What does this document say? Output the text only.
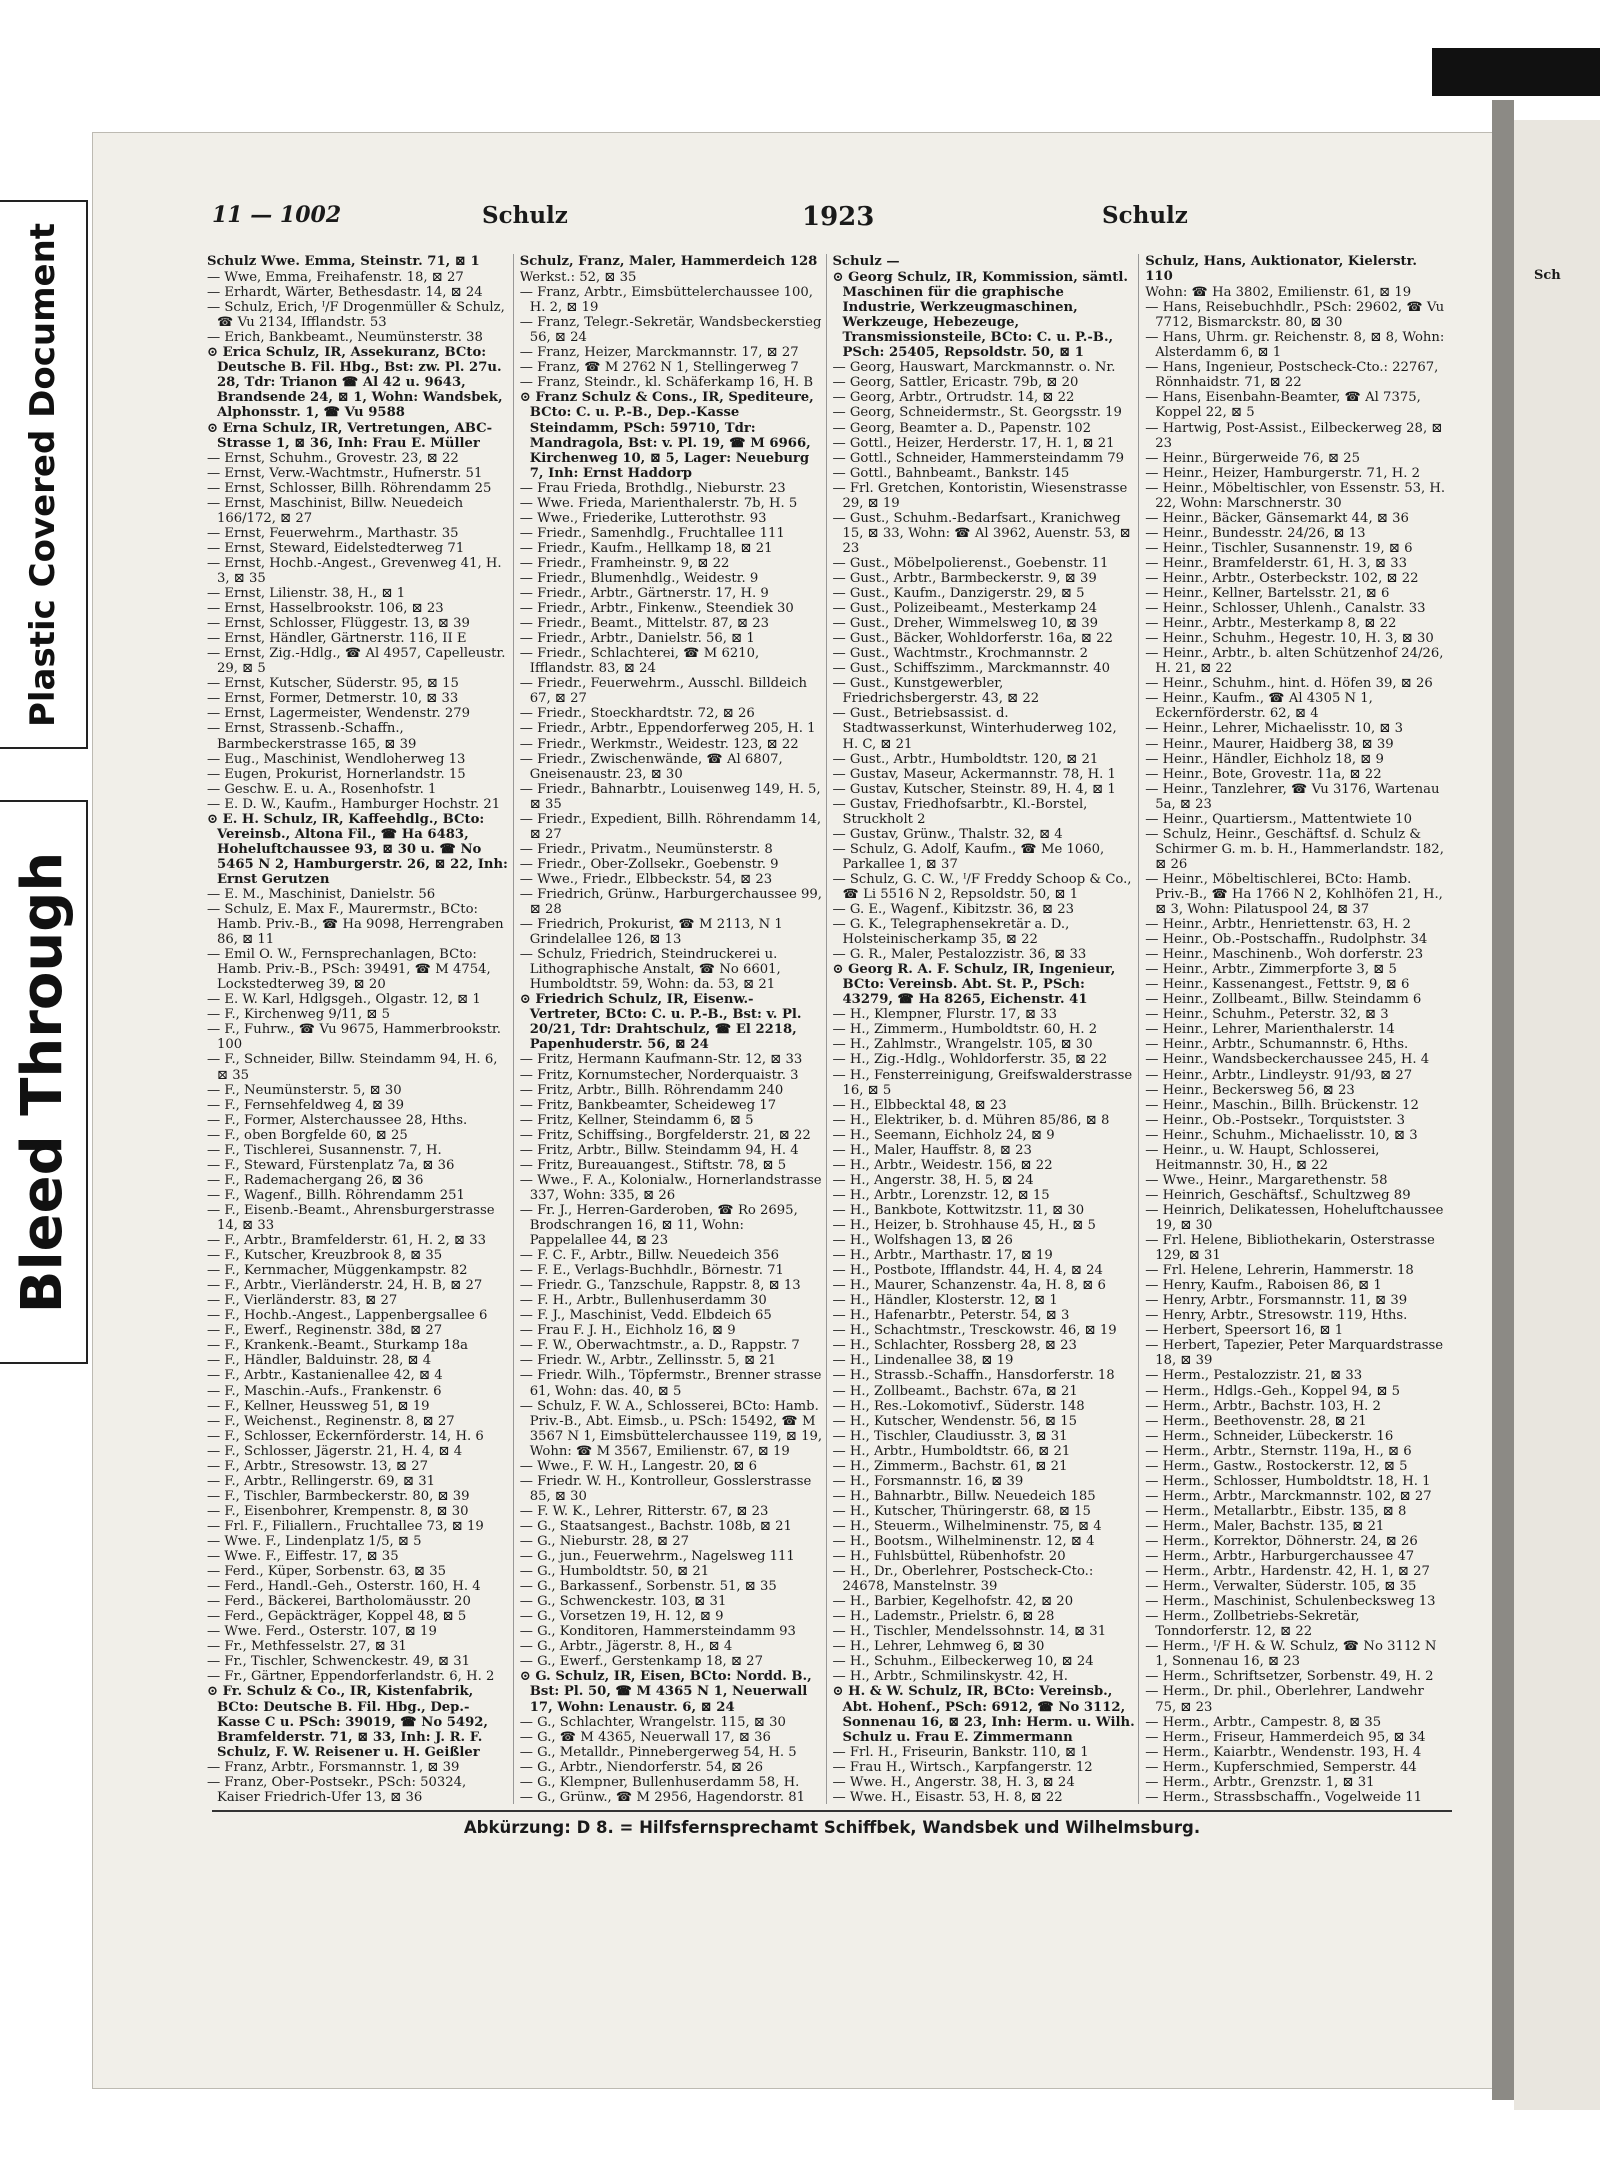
Plastic Covered Document
Bleed Through
Sch
11 — 1002	Schulz	1923	Schulz
Schulz Wwe. Emma, Steinstr. 71, ⊠ 1
— Wwe, Emma, Freihafenstr. 18, ⊠ 27
— Erhardt, Wärter, Bethesdastr. 14, ⊠ 24
— Schulz, Erich, ᴵ/F Drogenmüller & Schulz, ☎ Vu 2134, Ifflandstr. 53
— Erich, Bankbeamt., Neumünsterstr. 38
⊙ Erica Schulz, IR, Assekuranz, BCto: Deutsche B. Fil. Hbg., Bst: zw. Pl. 27u. 28, Tdr: Trianon ☎ Al 42 u. 9643, Brandsende 24, ⊠ 1, Wohn: Wandsbek, Alphonsstr. 1, ☎ Vu 9588
⊙ Erna Schulz, IR, Vertretungen, ABC-Strasse 1, ⊠ 36, Inh: Frau E. Müller
— Ernst, Schuhm., Grovestr. 23, ⊠ 22
— Ernst, Verw.-Wachtmstr., Hufnerstr. 51
— Ernst, Schlosser, Billh. Röhrendamm 25
— Ernst, Maschinist, Billw. Neuedeich 166/172, ⊠ 27
— Ernst, Feuerwehrm., Marthastr. 35
— Ernst, Steward, Eidelstedterweg 71
— Ernst, Hochb.-Angest., Grevenweg 41, H. 3, ⊠ 35
— Ernst, Lilienstr. 38, H., ⊠ 1
— Ernst, Hasselbrookstr. 106, ⊠ 23
— Ernst, Schlosser, Flüggestr. 13, ⊠ 39
— Ernst, Händler, Gärtnerstr. 116, II E
— Ernst, Zig.-Hdlg., ☎ Al 4957, Capelleustr. 29, ⊠ 5
— Ernst, Kutscher, Süderstr. 95, ⊠ 15
— Ernst, Former, Detmerstr. 10, ⊠ 33
— Ernst, Lagermeister, Wendenstr. 279
— Ernst, Strassenb.-Schaffn., Barmbeckerstrasse 165, ⊠ 39
— Eug., Maschinist, Wendloherweg 13
— Eugen, Prokurist, Hornerlandstr. 15
— Geschw. E. u. A., Rosenhofstr. 1
— E. D. W., Kaufm., Hamburger Hochstr. 21
⊙ E. H. Schulz, IR, Kaffeehdlg., BCto: Vereinsb., Altona Fil., ☎ Ha 6483, Hoheluftchaussee 93, ⊠ 30 u. ☎ No 5465 N 2, Hamburgerstr. 26, ⊠ 22, Inh: Ernst Gerutzen
— E. M., Maschinist, Danielstr. 56
— Schulz, E. Max F., Maurermstr., BCto: Hamb. Priv.-B., ☎ Ha 9098, Herrengraben 86, ⊠ 11
— Emil O. W., Fernsprechanlagen, BCto: Hamb. Priv.-B., PSch: 39491, ☎ M 4754, Lockstedterweg 39, ⊠ 20
— E. W. Karl, Hdlgsgeh., Olgastr. 12, ⊠ 1
— F., Kirchenweg 9/11, ⊠ 5
— F., Fuhrw., ☎ Vu 9675, Hammerbrookstr. 100
— F., Schneider, Billw. Steindamm 94, H. 6, ⊠ 35
— F., Neumünsterstr. 5, ⊠ 30
— F., Fernsehfeldweg 4, ⊠ 39
— F., Former, Alsterchaussee 28, Hths.
— F., oben Borgfelde 60, ⊠ 25
— F., Tischlerei, Susannenstr. 7, H.
— F., Steward, Fürstenplatz 7a, ⊠ 36
— F., Rademachergang 26, ⊠ 36
— F., Wagenf., Billh. Röhrendamm 251
— F., Eisenb.-Beamt., Ahrensburgerstrasse 14, ⊠ 33
— F., Arbtr., Bramfelderstr. 61, H. 2, ⊠ 33
— F., Kutscher, Kreuzbrook 8, ⊠ 35
— F., Kernmacher, Müggenkampstr. 82
— F., Arbtr., Vierländerstr. 24, H. B, ⊠ 27
— F., Vierländerstr. 83, ⊠ 27
— F., Hochb.-Angest., Lappenbergsallee 6
— F., Ewerf., Reginenstr. 38d, ⊠ 27
— F., Krankenk.-Beamt., Sturkamp 18a
— F., Händler, Balduinstr. 28, ⊠ 4
— F., Arbtr., Kastanienallee 42, ⊠ 4
— F., Maschin.-Aufs., Frankenstr. 6
— F., Kellner, Heussweg 51, ⊠ 19
— F., Weichenst., Reginenstr. 8, ⊠ 27
— F., Schlosser, Eckernförderstr. 14, H. 6
— F., Schlosser, Jägerstr. 21, H. 4, ⊠ 4
— F., Arbtr., Stresowstr. 13, ⊠ 27
— F., Arbtr., Rellingerstr. 69, ⊠ 31
— F., Tischler, Barmbeckerstr. 80, ⊠ 39
— F., Eisenbohrer, Krempenstr. 8, ⊠ 30
— Frl. F., Filiallern., Fruchtallee 73, ⊠ 19
— Wwe. F., Lindenplatz 1/5, ⊠ 5
— Wwe. F., Eiffestr. 17, ⊠ 35
— Ferd., Küper, Sorbenstr. 63, ⊠ 35
— Ferd., Handl.-Geh., Osterstr. 160, H. 4
— Ferd., Bäckerei, Bartholomäusstr. 20
— Ferd., Gepäckträger, Koppel 48, ⊠ 5
— Wwe. Ferd., Osterstr. 107, ⊠ 19
— Fr., Methfesselstr. 27, ⊠ 31
— Fr., Tischler, Schwenckestr. 49, ⊠ 31
— Fr., Gärtner, Eppendorferlandstr. 6, H. 2
⊙ Fr. Schulz & Co., IR, Kistenfabrik, BCto: Deutsche B. Fil. Hbg., Dep.-Kasse C u. PSch: 39019, ☎ No 5492, Bramfelderstr. 71, ⊠ 33, Inh: J. R. F. Schulz, F. W. Reisener u. H. Geißler
— Franz, Arbtr., Forsmannstr. 1, ⊠ 39
— Franz, Ober-Postsekr., PSch: 50324, Kaiser Friedrich-Ufer 13, ⊠ 36
Schulz, Franz, Maler, Hammerdeich 128
Werkst.: 52, ⊠ 35
— Franz, Arbtr., Eimsbüttelerchaussee 100, H. 2, ⊠ 19
— Franz, Telegr.-Sekretär, Wandsbeckerstieg 56, ⊠ 24
— Franz, Heizer, Marckmannstr. 17, ⊠ 27
— Franz, ☎ M 2762 N 1, Stellingerweg 7
— Franz, Steindr., kl. Schäferkamp 16, H. B
⊙ Franz Schulz & Cons., IR, Spediteure, BCto: C. u. P.-B., Dep.-Kasse Steindamm, PSch: 59710, Tdr: Mandragola, Bst: v. Pl. 19, ☎ M 6966, Kirchenweg 10, ⊠ 5, Lager: Neueburg 7, Inh: Ernst Haddorp
— Frau Frieda, Brothdlg., Nieburstr. 23
— Wwe. Frieda, Marienthalerstr. 7b, H. 5
— Wwe., Friederike, Lutterothstr. 93
— Friedr., Samenhdlg., Fruchtallee 111
— Friedr., Kaufm., Hellkamp 18, ⊠ 21
— Friedr., Framheinstr. 9, ⊠ 22
— Friedr., Blumenhdlg., Weidestr. 9
— Friedr., Arbtr., Gärtnerstr. 17, H. 9
— Friedr., Arbtr., Finkenw., Steendiek 30
— Friedr., Beamt., Mittelstr. 87, ⊠ 23
— Friedr., Arbtr., Danielstr. 56, ⊠ 1
— Friedr., Schlachterei, ☎ M 6210, Ifflandstr. 83, ⊠ 24
— Friedr., Feuerwehrm., Ausschl. Billdeich 67, ⊠ 27
— Friedr., Stoeckhardtstr. 72, ⊠ 26
— Friedr., Arbtr., Eppendorferweg 205, H. 1
— Friedr., Werkmstr., Weidestr. 123, ⊠ 22
— Friedr., Zwischenwände, ☎ Al 6807, Gneisenaustr. 23, ⊠ 30
— Friedr., Bahnarbtr., Louisenweg 149, H. 5, ⊠ 35
— Friedr., Expedient, Billh. Röhrendamm 14, ⊠ 27
— Friedr., Privatm., Neumünsterstr. 8
— Friedr., Ober-Zollsekr., Goebenstr. 9
— Wwe., Friedr., Elbbeckstr. 54, ⊠ 23
— Friedrich, Grünw., Harburgerchaussee 99, ⊠ 28
— Friedrich, Prokurist, ☎ M 2113, N 1 Grindelallee 126, ⊠ 13
— Schulz, Friedrich, Steindruckerei u. Lithographische Anstalt, ☎ No 6601, Humboldtstr. 59, Wohn: da. 53, ⊠ 21
⊙ Friedrich Schulz, IR, Eisenw.-Vertreter, BCto: C. u. P.-B., Bst: v. Pl. 20/21, Tdr: Drahtschulz, ☎ El 2218, Papenhuderstr. 56, ⊠ 24
— Fritz, Hermann Kaufmann-Str. 12, ⊠ 33
— Fritz, Kornumstecher, Norderquaistr. 3
— Fritz, Arbtr., Billh. Röhrendamm 240
— Fritz, Bankbeamter, Scheideweg 17
— Fritz, Kellner, Steindamm 6, ⊠ 5
— Fritz, Schiffsing., Borgfelderstr. 21, ⊠ 22
— Fritz, Arbtr., Billw. Steindamm 94, H. 4
— Fritz, Bureauangest., Stiftstr. 78, ⊠ 5
— Wwe., F. A., Kolonialw., Hornerlandstrasse 337, Wohn: 335, ⊠ 26
— Fr. J., Herren-Garderoben, ☎ Ro 2695, Brodschrangen 16, ⊠ 11, Wohn: Pappelallee 44, ⊠ 23
— F. C. F., Arbtr., Billw. Neuedeich 356
— F. E., Verlags-Buchhdlr., Börnestr. 71
— Friedr. G., Tanzschule, Rappstr. 8, ⊠ 13
— F. H., Arbtr., Bullenhuserdamm 30
— F. J., Maschinist, Vedd. Elbdeich 65
— Frau F. J. H., Eichholz 16, ⊠ 9
— F. W., Oberwachtmstr., a. D., Rappstr. 7
— Friedr. W., Arbtr., Zellinsstr. 5, ⊠ 21
— Friedr. Wilh., Töpfermstr., Brenner strasse 61, Wohn: das. 40, ⊠ 5
— Schulz, F. W. A., Schlosserei, BCto: Hamb. Priv.-B., Abt. Eimsb., u. PSch: 15492, ☎ M 3567 N 1, Eimsbüttelerchaussee 119, ⊠ 19, Wohn: ☎ M 3567, Emilienstr. 67, ⊠ 19
— Wwe., F. W. H., Langestr. 20, ⊠ 6
— Friedr. W. H., Kontrolleur, Gosslerstrasse 85, ⊠ 30
— F. W. K., Lehrer, Ritterstr. 67, ⊠ 23
— G., Staatsangest., Bachstr. 108b, ⊠ 21
— G., Nieburstr. 28, ⊠ 27
— G., jun., Feuerwehrm., Nagelsweg 111
— G., Humboldtstr. 50, ⊠ 21
— G., Barkassenf., Sorbenstr. 51, ⊠ 35
— G., Schwenckestr. 103, ⊠ 31
— G., Vorsetzen 19, H. 12, ⊠ 9
— G., Konditoren, Hammersteindamm 93
— G., Arbtr., Jägerstr. 8, H., ⊠ 4
— G., Ewerf., Gerstenkamp 18, ⊠ 27
⊙ G. Schulz, IR, Eisen, BCto: Nordd. B., Bst: Pl. 50, ☎ M 4365 N 1, Neuerwall 17, Wohn: Lenaustr. 6, ⊠ 24
— G., Schlachter, Wrangelstr. 115, ⊠ 30
— G., ☎ M 4365, Neuerwall 17, ⊠ 36
— G., Metalldr., Pinnebergerweg 54, H. 5
— G., Arbtr., Niendorferstr. 54, ⊠ 26
— G., Klempner, Bullenhuserdamm 58, H.
— G., Grünw., ☎ M 2956, Hagendorstr. 81
Schulz —
⊙ Georg Schulz, IR, Kommission, sämtl. Maschinen für die graphische Industrie, Werkzeugmaschinen, Werkzeuge, Hebezeuge, Transmissionsteile, BCto: C. u. P.-B., PSch: 25405, Repsoldstr. 50, ⊠ 1
— Georg, Hauswart, Marckmannstr. o. Nr.
— Georg, Sattler, Ericastr. 79b, ⊠ 20
— Georg, Arbtr., Ortrudstr. 14, ⊠ 22
— Georg, Schneidermstr., St. Georgsstr. 19
— Georg, Beamter a. D., Papenstr. 102
— Gottl., Heizer, Herderstr. 17, H. 1, ⊠ 21
— Gottl., Schneider, Hammersteindamm 79
— Gottl., Bahnbeamt., Bankstr. 145
— Frl. Gretchen, Kontoristin, Wiesenstrasse 29, ⊠ 19
— Gust., Schuhm.-Bedarfsart., Kranichweg 15, ⊠ 33, Wohn: ☎ Al 3962, Auenstr. 53, ⊠ 23
— Gust., Möbelpolierenst., Goebenstr. 11
— Gust., Arbtr., Barmbeckerstr. 9, ⊠ 39
— Gust., Kaufm., Danzigerstr. 29, ⊠ 5
— Gust., Polizeibeamt., Mesterkamp 24
— Gust., Dreher, Wimmelsweg 10, ⊠ 39
— Gust., Bäcker, Wohldorferstr. 16a, ⊠ 22
— Gust., Wachtmstr., Krochmannstr. 2
— Gust., Schiffszimm., Marckmannstr. 40
— Gust., Kunstgewerbler, Friedrichsbergerstr. 43, ⊠ 22
— Gust., Betriebsassist. d. Stadtwasserkunst, Winterhuderweg 102, H. C, ⊠ 21
— Gust., Arbtr., Humboldtstr. 120, ⊠ 21
— Gustav, Maseur, Ackermannstr. 78, H. 1
— Gustav, Kutscher, Steinstr. 89, H. 4, ⊠ 1
— Gustav, Friedhofsarbtr., Kl.-Borstel, Struckholt 2
— Gustav, Grünw., Thalstr. 32, ⊠ 4
— Schulz, G. Adolf, Kaufm., ☎ Me 1060, Parkallee 1, ⊠ 37
— Schulz, G. C. W., ᴵ/F Freddy Schoop & Co., ☎ Li 5516 N 2, Repsoldstr. 50, ⊠ 1
— G. E., Wagenf., Kibitzstr. 36, ⊠ 23
— G. K., Telegraphensekretär a. D., Holsteinischerkamp 35, ⊠ 22
— G. R., Maler, Pestalozzistr. 36, ⊠ 33
⊙ Georg R. A. F. Schulz, IR, Ingenieur, BCto: Vereinsb. Abt. St. P., PSch: 43279, ☎ Ha 8265, Eichenstr. 41
— H., Klempner, Flurstr. 17, ⊠ 33
— H., Zimmerm., Humboldtstr. 60, H. 2
— H., Zahlmstr., Wrangelstr. 105, ⊠ 30
— H., Zig.-Hdlg., Wohldorferstr. 35, ⊠ 22
— H., Fensterreinigung, Greifswalderstrasse 16, ⊠ 5
— H., Elbbecktal 48, ⊠ 23
— H., Elektriker, b. d. Mühren 85/86, ⊠ 8
— H., Seemann, Eichholz 24, ⊠ 9
— H., Maler, Hauffstr. 8, ⊠ 23
— H., Arbtr., Weidestr. 156, ⊠ 22
— H., Angerstr. 38, H. 5, ⊠ 24
— H., Arbtr., Lorenzstr. 12, ⊠ 15
— H., Bankbote, Kottwitzstr. 11, ⊠ 30
— H., Heizer, b. Strohhause 45, H., ⊠ 5
— H., Wolfshagen 13, ⊠ 26
— H., Arbtr., Marthastr. 17, ⊠ 19
— H., Postbote, Ifflandstr. 44, H. 4, ⊠ 24
— H., Maurer, Schanzenstr. 4a, H. 8, ⊠ 6
— H., Händler, Klosterstr. 12, ⊠ 1
— H., Hafenarbtr., Peterstr. 54, ⊠ 3
— H., Schachtmstr., Tresckowstr. 46, ⊠ 19
— H., Schlachter, Rossberg 28, ⊠ 23
— H., Lindenallee 38, ⊠ 19
— H., Strassb.-Schaffn., Hansdorferstr. 18
— H., Zollbeamt., Bachstr. 67a, ⊠ 21
— H., Res.-Lokomotivf., Süderstr. 148
— H., Kutscher, Wendenstr. 56, ⊠ 15
— H., Tischler, Claudiusstr. 3, ⊠ 31
— H., Arbtr., Humboldtstr. 66, ⊠ 21
— H., Zimmerm., Bachstr. 61, ⊠ 21
— H., Forsmannstr. 16, ⊠ 39
— H., Bahnarbtr., Billw. Neuedeich 185
— H., Kutscher, Thüringerstr. 68, ⊠ 15
— H., Steuerm., Wilhelminenstr. 75, ⊠ 4
— H., Bootsm., Wilhelminenstr. 12, ⊠ 4
— H., Fuhlsbüttel, Rübenhofstr. 20
— H., Dr., Oberlehrer, Postscheck-Cto.: 24678, Manstelnstr. 39
— H., Barbier, Kegelhofstr. 42, ⊠ 20
— H., Lademstr., Prielstr. 6, ⊠ 28
— H., Tischler, Mendelssohnstr. 14, ⊠ 31
— H., Lehrer, Lehmweg 6, ⊠ 30
— H., Schuhm., Eilbeckerweg 10, ⊠ 24
— H., Arbtr., Schmilinskystr. 42, H.
⊙ H. & W. Schulz, IR, BCto: Vereinsb., Abt. Hohenf., PSch: 6912, ☎ No 3112, Sonnenau 16, ⊠ 23, Inh: Herm. u. Wilh. Schulz u. Frau E. Zimmermann
— Frl. H., Friseurin, Bankstr. 110, ⊠ 1
— Frau H., Wirtsch., Karpfangerstr. 12
— Wwe. H., Angerstr. 38, H. 3, ⊠ 24
— Wwe. H., Eisastr. 53, H. 8, ⊠ 22
Schulz, Hans, Auktionator, Kielerstr. 110
Wohn: ☎ Ha 3802, Emilienstr. 61, ⊠ 19
— Hans, Reisebuchhdlr., PSch: 29602, ☎ Vu 7712, Bismarckstr. 80, ⊠ 30
— Hans, Uhrm. gr. Reichenstr. 8, ⊠ 8, Wohn: Alsterdamm 6, ⊠ 1
— Hans, Ingenieur, Postscheck-Cto.: 22767, Rönnhaidstr. 71, ⊠ 22
— Hans, Eisenbahn-Beamter, ☎ Al 7375, Koppel 22, ⊠ 5
— Hartwig, Post-Assist., Eilbeckerweg 28, ⊠ 23
— Heinr., Bürgerweide 76, ⊠ 25
— Heinr., Heizer, Hamburgerstr. 71, H. 2
— Heinr., Möbeltischler, von Essenstr. 53, H. 22, Wohn: Marschnerstr. 30
— Heinr., Bäcker, Gänsemarkt 44, ⊠ 36
— Heinr., Bundesstr. 24/26, ⊠ 13
— Heinr., Tischler, Susannenstr. 19, ⊠ 6
— Heinr., Bramfelderstr. 61, H. 3, ⊠ 33
— Heinr., Arbtr., Osterbeckstr. 102, ⊠ 22
— Heinr., Kellner, Bartelsstr. 21, ⊠ 6
— Heinr., Schlosser, Uhlenh., Canalstr. 33
— Heinr., Arbtr., Mesterkamp 8, ⊠ 22
— Heinr., Schuhm., Hegestr. 10, H. 3, ⊠ 30
— Heinr., Arbtr., b. alten Schützenhof 24/26, H. 21, ⊠ 22
— Heinr., Schuhm., hint. d. Höfen 39, ⊠ 26
— Heinr., Kaufm., ☎ Al 4305 N 1, Eckernförderstr. 62, ⊠ 4
— Heinr., Lehrer, Michaelisstr. 10, ⊠ 3
— Heinr., Maurer, Haidberg 38, ⊠ 39
— Heinr., Händler, Eichholz 18, ⊠ 9
— Heinr., Bote, Grovestr. 11a, ⊠ 22
— Heinr., Tanzlehrer, ☎ Vu 3176, Wartenau 5a, ⊠ 23
— Heinr., Quartiersm., Mattentwiete 10
— Schulz, Heinr., Geschäftsf. d. Schulz & Schirmer G. m. b. H., Hammerlandstr. 182, ⊠ 26
— Heinr., Möbeltischlerei, BCto: Hamb. Priv.-B., ☎ Ha 1766 N 2, Kohlhöfen 21, H., ⊠ 3, Wohn: Pilatuspool 24, ⊠ 37
— Heinr., Arbtr., Henriettenstr. 63, H. 2
— Heinr., Ob.-Postschaffn., Rudolphstr. 34
— Heinr., Maschinenb., Woh dorferstr. 23
— Heinr., Arbtr., Zimmerpforte 3, ⊠ 5
— Heinr., Kassenangest., Fettstr. 9, ⊠ 6
— Heinr., Zollbeamt., Billw. Steindamm 6
— Heinr., Schuhm., Peterstr. 32, ⊠ 3
— Heinr., Lehrer, Marienthalerstr. 14
— Heinr., Arbtr., Schumannstr. 6, Hths.
— Heinr., Wandsbeckerchaussee 245, H. 4
— Heinr., Arbtr., Lindleystr. 91/93, ⊠ 27
— Heinr., Beckersweg 56, ⊠ 23
— Heinr., Maschin., Billh. Brückenstr. 12
— Heinr., Ob.-Postsekr., Torquistster. 3
— Heinr., Schuhm., Michaelisstr. 10, ⊠ 3
— Heinr., u. W. Haupt, Schlosserei, Heitmannstr. 30, H., ⊠ 22
— Wwe., Heinr., Margarethenstr. 58
— Heinrich, Geschäftsf., Schultzweg 89
— Heinrich, Delikatessen, Hoheluftchaussee 19, ⊠ 30
— Frl. Helene, Bibliothekarin, Osterstrasse 129, ⊠ 31
— Frl. Helene, Lehrerin, Hammerstr. 18
— Henry, Kaufm., Raboisen 86, ⊠ 1
— Henry, Arbtr., Forsmannstr. 11, ⊠ 39
— Henry, Arbtr., Stresowstr. 119, Hths.
— Herbert, Speersort 16, ⊠ 1
— Herbert, Tapezier, Peter Marquardstrasse 18, ⊠ 39
— Herm., Pestalozzistr. 21, ⊠ 33
— Herm., Hdlgs.-Geh., Koppel 94, ⊠ 5
— Herm., Arbtr., Bachstr. 103, H. 2
— Herm., Beethovenstr. 28, ⊠ 21
— Herm., Schneider, Lübeckerstr. 16
— Herm., Arbtr., Sternstr. 119a, H., ⊠ 6
— Herm., Gastw., Rostockerstr. 12, ⊠ 5
— Herm., Schlosser, Humboldtstr. 18, H. 1
— Herm., Arbtr., Marckmannstr. 102, ⊠ 27
— Herm., Metallarbtr., Eibstr. 135, ⊠ 8
— Herm., Maler, Bachstr. 135, ⊠ 21
— Herm., Korrektor, Döhnerstr. 24, ⊠ 26
— Herm., Arbtr., Harburgerchaussee 47
— Herm., Arbtr., Hardenstr. 42, H. 1, ⊠ 27
— Herm., Verwalter, Süderstr. 105, ⊠ 35
— Herm., Maschinist, Schulenbecksweg 13
— Herm., Zollbetriebs-Sekretär, Tonndorferstr. 12, ⊠ 22
— Herm., ᴵ/F H. & W. Schulz, ☎ No 3112 N 1, Sonnenau 16, ⊠ 23
— Herm., Schriftsetzer, Sorbenstr. 49, H. 2
— Herm., Dr. phil., Oberlehrer, Landwehr 75, ⊠ 23
— Herm., Arbtr., Campestr. 8, ⊠ 35
— Herm., Friseur, Hammerdeich 95, ⊠ 34
— Herm., Kaiarbtr., Wendenstr. 193, H. 4
— Herm., Kupferschmied, Semperstr. 44
— Herm., Arbtr., Grenzstr. 1, ⊠ 31
— Herm., Strassbschaffn., Vogelweide 11
Abkürzung: D 8. = Hilfsfernsprechamt Schiffbek, Wandsbek und Wilhelmsburg.
